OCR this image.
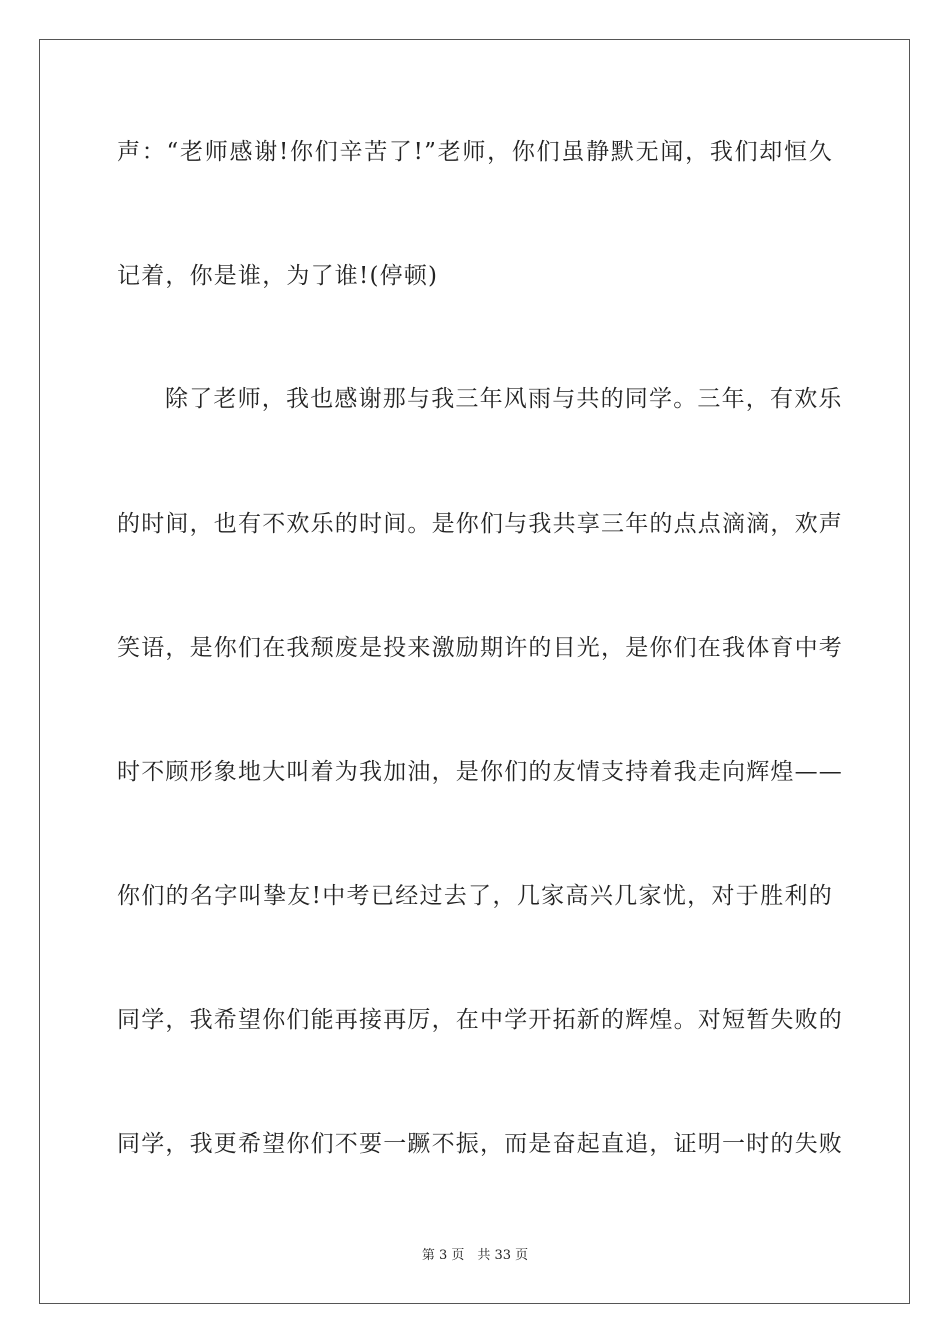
声：“老师感谢!你们辛苦了!”老师，你们虽静默无闻，我们却恒久
记着，你是谁，为了谁!(停顿)
除了老师，我也感谢那与我三年风雨与共的同学。三年，有欢乐
的时间，也有不欢乐的时间。是你们与我共享三年的点点滴滴，欢声
笑语，是你们在我颓废是投来激励期许的目光，是你们在我体育中考
时不顾形象地大叫着为我加油，是你们的友情支持着我走向辉煌——
你们的名字叫挚友!中考已经过去了，几家高兴几家忧，对于胜利的
同学，我希望你们能再接再厉，在中学开拓新的辉煌。对短暂失败的
同学，我更希望你们不要一蹶不振，而是奋起直追，证明一时的失败
第 3 页　共 33 页
